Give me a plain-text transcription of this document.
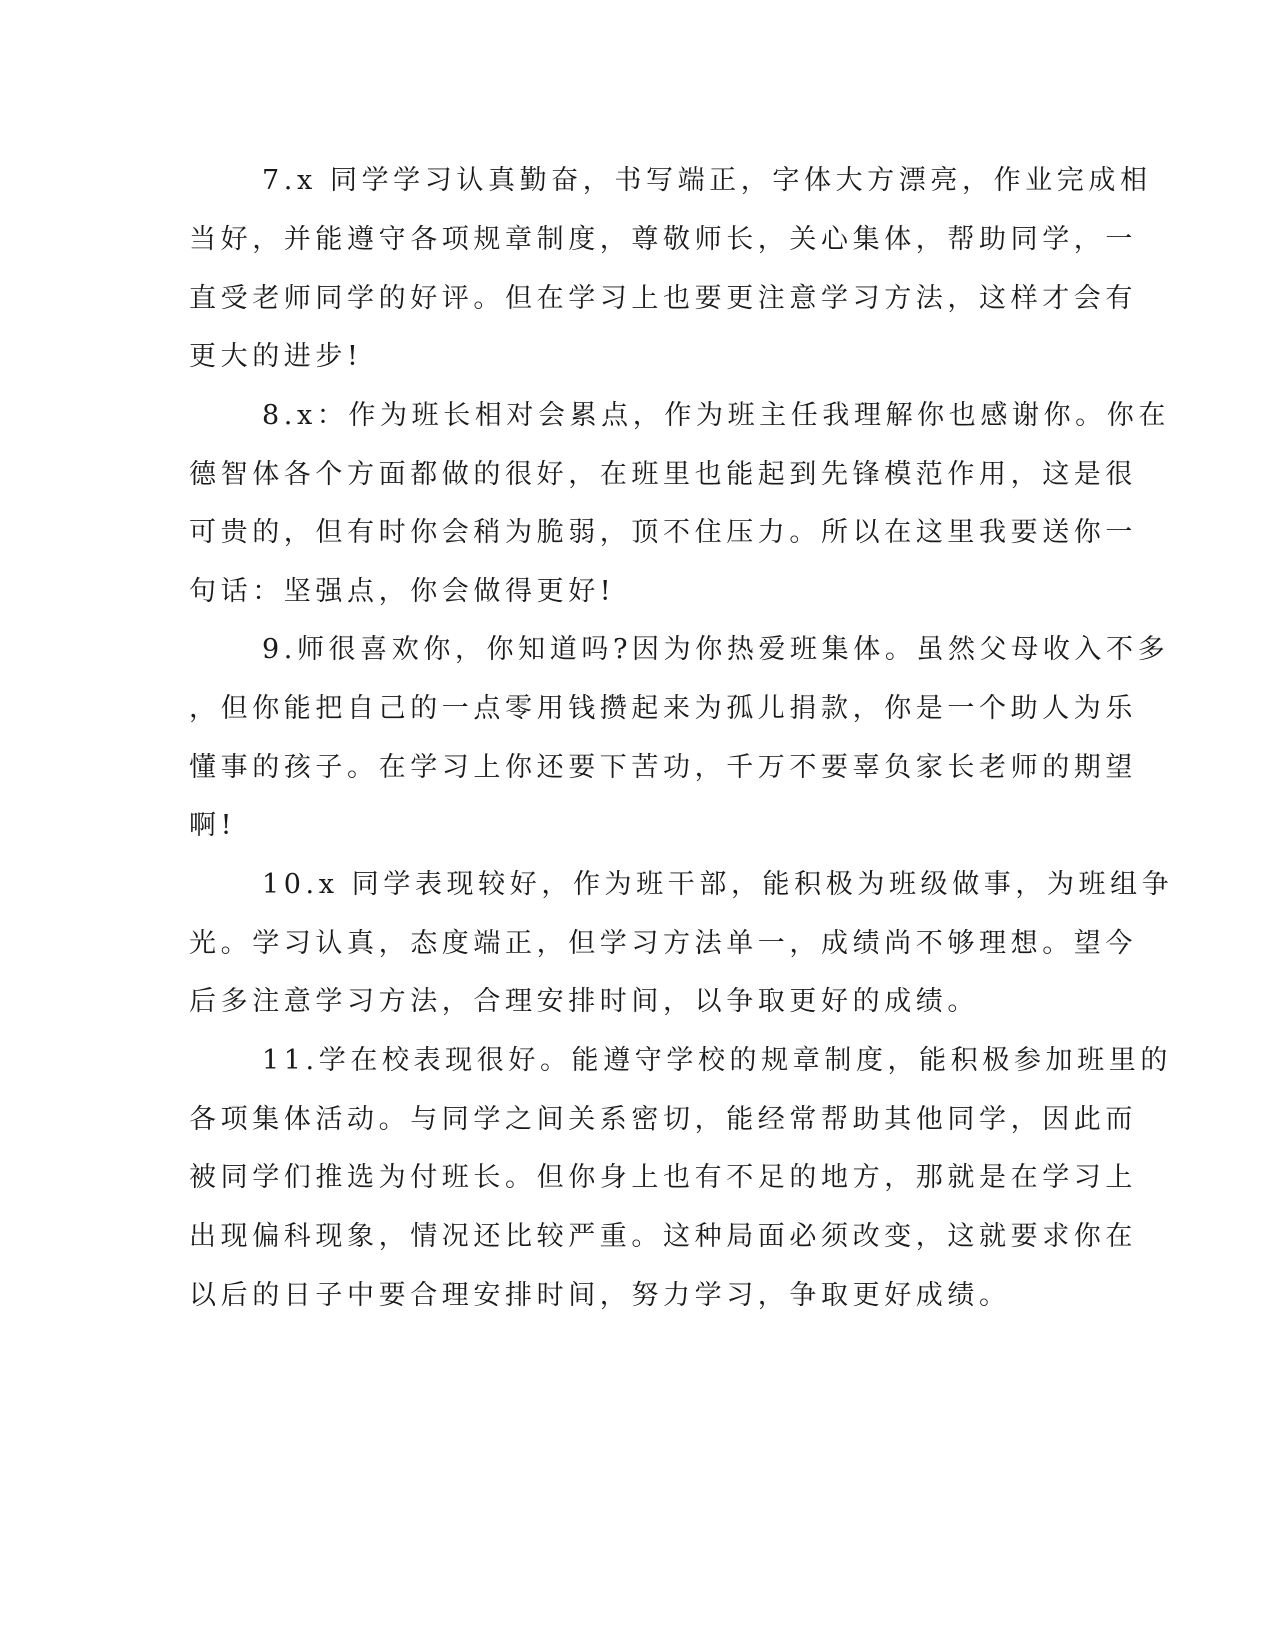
7.x 同学学习认真勤奋，书写端正，字体大方漂亮，作业完成相
当好，并能遵守各项规章制度，尊敬师长，关心集体，帮助同学，一
直受老师同学的好评。但在学习上也要更注意学习方法，这样才会有
更大的进步!
8.x：作为班长相对会累点，作为班主任我理解你也感谢你。你在
德智体各个方面都做的很好，在班里也能起到先锋模范作用，这是很
可贵的，但有时你会稍为脆弱，顶不住压力。所以在这里我要送你一
句话：坚强点，你会做得更好!
9.师很喜欢你，你知道吗?因为你热爱班集体。虽然父母收入不多
，但你能把自己的一点零用钱攒起来为孤儿捐款，你是一个助人为乐
懂事的孩子。在学习上你还要下苦功，千万不要辜负家长老师的期望
啊!
10.x 同学表现较好，作为班干部，能积极为班级做事，为班组争
光。学习认真，态度端正，但学习方法单一，成绩尚不够理想。望今
后多注意学习方法，合理安排时间，以争取更好的成绩。
11.学在校表现很好。能遵守学校的规章制度，能积极参加班里的
各项集体活动。与同学之间关系密切，能经常帮助其他同学，因此而
被同学们推选为付班长。但你身上也有不足的地方，那就是在学习上
出现偏科现象，情况还比较严重。这种局面必须改变，这就要求你在
以后的日子中要合理安排时间，努力学习，争取更好成绩。
